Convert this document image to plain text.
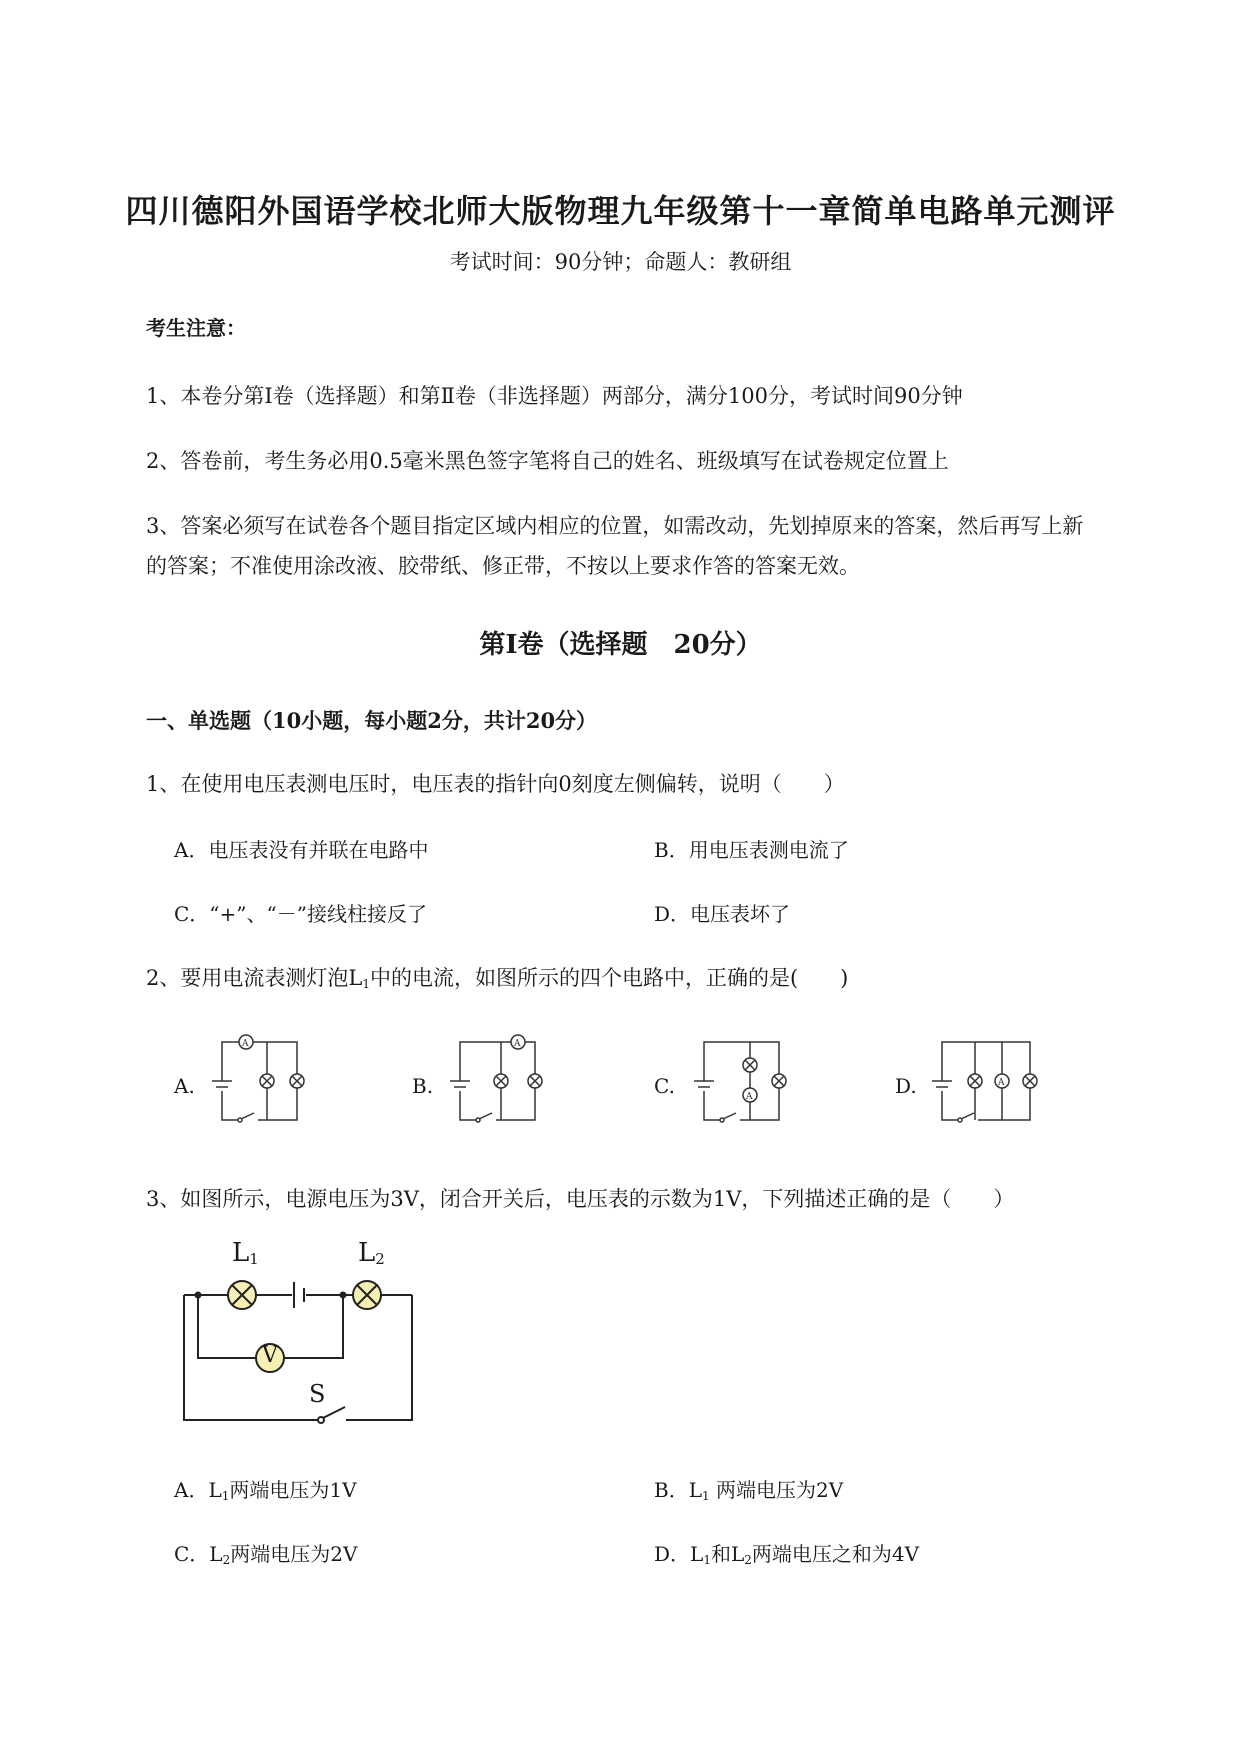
四川德阳外国语学校北师大版物理九年级第十一章简单电路单元测评
考试时间：90分钟；命题人：教研组
考生注意：
1、本卷分第Ⅰ卷（选择题）和第Ⅱ卷（非选择题）两部分，满分100分，考试时间90分钟
2、答卷前，考生务必用0.5毫米黑色签字笔将自己的姓名、班级填写在试卷规定位置上
3、答案必须写在试卷各个题目指定区域内相应的位置，如需改动，先划掉原来的答案，然后再写上新
的答案；不准使用涂改液、胶带纸、修正带，不按以上要求作答的答案无效。
第Ⅰ卷（选择题　20分）
一、单选题（10小题，每小题2分，共计20分）
1、在使用电压表测电压时，电压表的指针向0刻度左侧偏转，说明（　　）
A．电压表没有并联在电路中	B．用电压表测电流了
C．“+”、“－”接线柱接反了	D．电压表坏了
2、要用电流表测灯泡$L_1$中的电流，如图所示的四个电路中，正确的是(　　)
A.	B.	C.	D.
A	A
A
A
3、如图所示，电源电压为3V，闭合开关后，电压表的示数为1V，下列描述正确的是（　　）
$L_1$	$L_2$
V
S
A．$L_1$两端电压为1V	B．$L_1$ 两端电压为2V
C．$L_2$两端电压为2V	D．$L_1$和$L_2$两端电压之和为4V
